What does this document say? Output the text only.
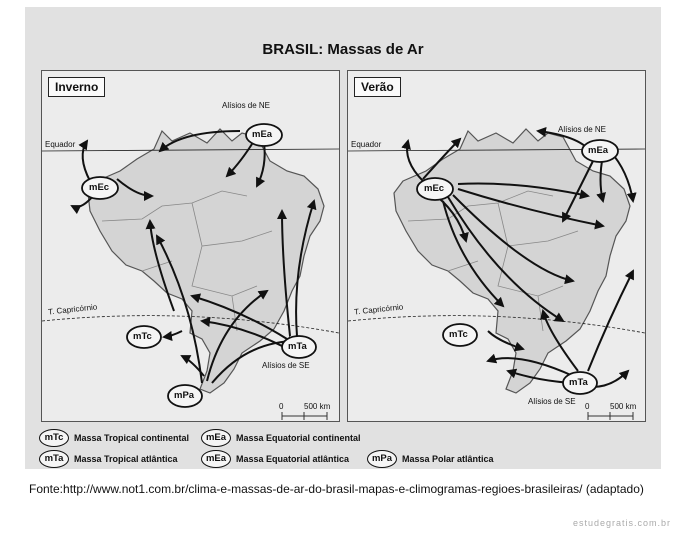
BRASIL: Massas de Ar
Inverno
Alísios de NE
Alísios de SE
Equador
T. Capricórnio
mEa
mEc
mTc
mTa
mPa
0	500 km
Verão
Alísios de NE
Alísios de SE
Equador
T. Capricórnio
mEa
mEc
mTc
mTa
0	500 km
mTc	Massa Tropical continental	mEa	Massa Equatorial continental
mTa	Massa Tropical atlântica	mEa	Massa Equatorial atlântica	mPa	Massa Polar atlântica
Fonte:http://www.not1.com.br/clima-e-massas-de-ar-do-brasil-mapas-e-climogramas-regioes-brasileiras/ (adaptado)
estudegratis.com.br
